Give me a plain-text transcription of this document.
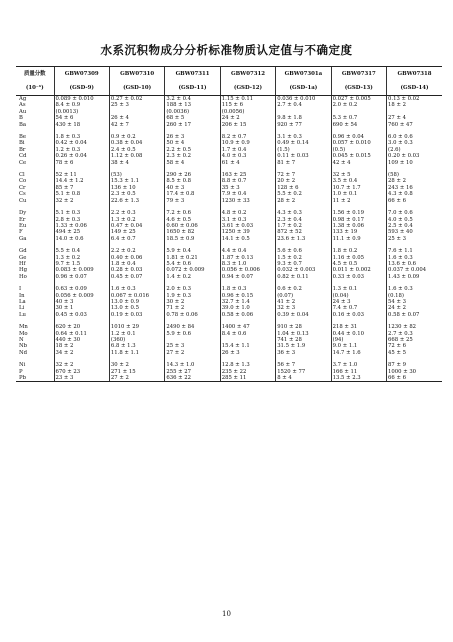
水系沉积物成分分析标准物质认定值与不确定度
质量分数	GBW07309	GBW07310	GBW07311	GBW07312	GBW07301a	GBW07317	GBW07318
(10⁻⁶)	(GSD-9)	(GSD-10)	(GSD-11)	(GSD-12)	(GSD-1a)	(GSD-13)	(GSD-14)
Ag	0.089 ± 0.010	0.27 ± 0.02	3.2 ± 0.4	1.15 ± 0.11	0.036 ± 0.010	0.027 ± 0.005	0.13 ± 0.02
As	8.4 ± 0.9	25 ± 3	188 ± 13	115 ± 6	2.7 ± 0.4	2.0 ± 0.2	18 ± 2
Au	(0.0013)		(0.0036)	(0.0056)			
B	54 ± 6	26 ± 4	68 ± 5	24 ± 2	9.8 ± 1.8	5.3 ± 0.7	27 ± 4
Ba	430 ± 18	42 ± 7	260 ± 17	206 ± 15	920 ± 77	690 ± 54	760 ± 47

Be	1.8 ± 0.3	0.9 ± 0.2	26 ± 3	8.2 ± 0.7	3.1 ± 0.3	0.96 ± 0.04	6.0 ± 0.6
Bi	0.42 ± 0.04	0.38 ± 0.04	50 ± 4	10.9 ± 0.9	0.49 ± 0.14	0.057 ± 0.010	3.0 ± 0.3
Br	1.2 ± 0.3	2.4 ± 0.5	2.2 ± 0.5	1.7 ± 0.4	(1.5)	(0.5)	(2.6)
Cd	0.26 ± 0.04	1.12 ± 0.08	2.3 ± 0.2	4.0 ± 0.3	0.11 ± 0.03	0.045 ± 0.015	0.20 ± 0.03
Ce	78 ± 6	38 ± 4	58 ± 4	61 ± 4	81 ± 7	42 ± 4	109 ± 10

Cl	52 ± 11	(53)	290 ± 26	163 ± 25	72 ± 7	32 ± 5	(58)
Co	14.4 ± 1.2	15.3 ± 1.1	8.5 ± 0.8	8.8 ± 0.7	20 ± 2	3.5 ± 0.4	28 ± 2
Cr	85 ± 7	136 ± 10	40 ± 3	35 ± 3	128 ± 6	10.7 ± 1.7	243 ± 16
Cs	5.1 ± 0.8	2.3 ± 0.5	17.4 ± 0.8	7.9 ± 0.4	5.5 ± 0.2	1.0 ± 0.1	4.3 ± 0.8
Cu	32 ± 2	22.6 ± 1.3	79 ± 3	1230 ± 33	28 ± 2	11 ± 2	66 ± 6

Dy	5.1 ± 0.3	2.2 ± 0.3	7.2 ± 0.6	4.8 ± 0.2	4.3 ± 0.3	1.56 ± 0.19	7.0 ± 0.6
Er	2.8 ± 0.3	1.3 ± 0.2	4.6 ± 0.5	3.1 ± 0.3	2.3 ± 0.4	0.98 ± 0.17	4.0 ± 0.5
Eu	1.33 ± 0.06	0.47 ± 0.04	0.60 ± 0.06	3.61 ± 0.03	1.7 ± 0.2	1.38 ± 0.06	2.5 ± 0.4
F	494 ± 25	149 ± 25	1650 ± 82	1250 ± 39	872 ± 52	133 ± 19	593 ± 40
Ga	14.0 ± 0.6	6.4 ± 0.7	18.5 ± 0.9	14.1 ± 0.5	23.6 ± 1.3	11.1 ± 0.9	25 ± 3

Gd	5.5 ± 0.4	2.2 ± 0.2	5.9 ± 0.4	4.4 ± 0.4	5.6 ± 0.6	1.8 ± 0.2	7.6 ± 1.1
Ge	1.3 ± 0.2	0.40 ± 0.06	1.81 ± 0.21	1.87 ± 0.13	1.5 ± 0.2	1.16 ± 0.05	1.6 ± 0.3
Hf	9.7 ± 1.5	1.8 ± 0.4	5.4 ± 0.6	8.3 ± 1.0	9.3 ± 0.7	4.5 ± 0.5	13.6 ± 0.6
Hg	0.083 ± 0.009	0.28 ± 0.03	0.072 ± 0.009	0.056 ± 0.006	0.032 ± 0.003	0.011 ± 0.002	0.037 ± 0.004
Ho	0.96 ± 0.07	0.45 ± 0.07	1.4 ± 0.2	0.94 ± 0.07	0.82 ± 0.11	0.33 ± 0.03	1.43 ± 0.09

I	0.63 ± 0.09	1.6 ± 0.3	2.0 ± 0.3	1.8 ± 0.3	0.6 ± 0.2	1.3 ± 0.1	1.6 ± 0.3
In	0.056 ± 0.009	0.067 ± 0.016	1.9 ± 0.3	0.96 ± 0.15	(0.07)	(0.04)	(0.18)
La	40 ± 3	13.0 ± 0.9	30 ± 2	32.7 ± 1.4	41 ± 2	24 ± 3	54 ± 3
Li	30 ± 1	13.0 ± 0.5	71 ± 2	39.0 ± 1.0	32 ± 3	7.4 ± 0.7	24 ± 2
Lu	0.45 ± 0.03	0.19 ± 0.03	0.78 ± 0.06	0.58 ± 0.06	0.39 ± 0.04	0.16 ± 0.03	0.58 ± 0.07

Mn	620 ± 20	1010 ± 29	2490 ± 84	1400 ± 47	910 ± 28	218 ± 31	1230 ± 82
Mo	0.64 ± 0.11	1.2 ± 0.1	5.9 ± 0.6	8.4 ± 0.6	1.04 ± 0.13	0.44 ± 0.10	2.7 ± 0.3
N	440 ± 30	(360)			741 ± 28	(94)	668 ± 25
Nb	18 ± 2	6.8 ± 1.3	25 ± 3	15.4 ± 1.1	31.5 ± 1.9	9.0 ± 1.1	72 ± 6
Nd	34 ± 2	11.8 ± 1.1	27 ± 2	26 ± 3	36 ± 3	14.7 ± 1.6	45 ± 5

Ni	32 ± 2	30 ± 2	14.3 ± 1.0	12.8 ± 1.3	56 ± 7	3.7 ± 1.0	87 ± 9
P	670 ± 23	271 ± 15	255 ± 27	235 ± 22	1520 ± 77	166 ± 11	1000 ± 30
Pb	23 ± 3	27 ± 2	636 ± 22	285 ± 11	8 ± 4	13.5 ± 2.3	66 ± 6
10
